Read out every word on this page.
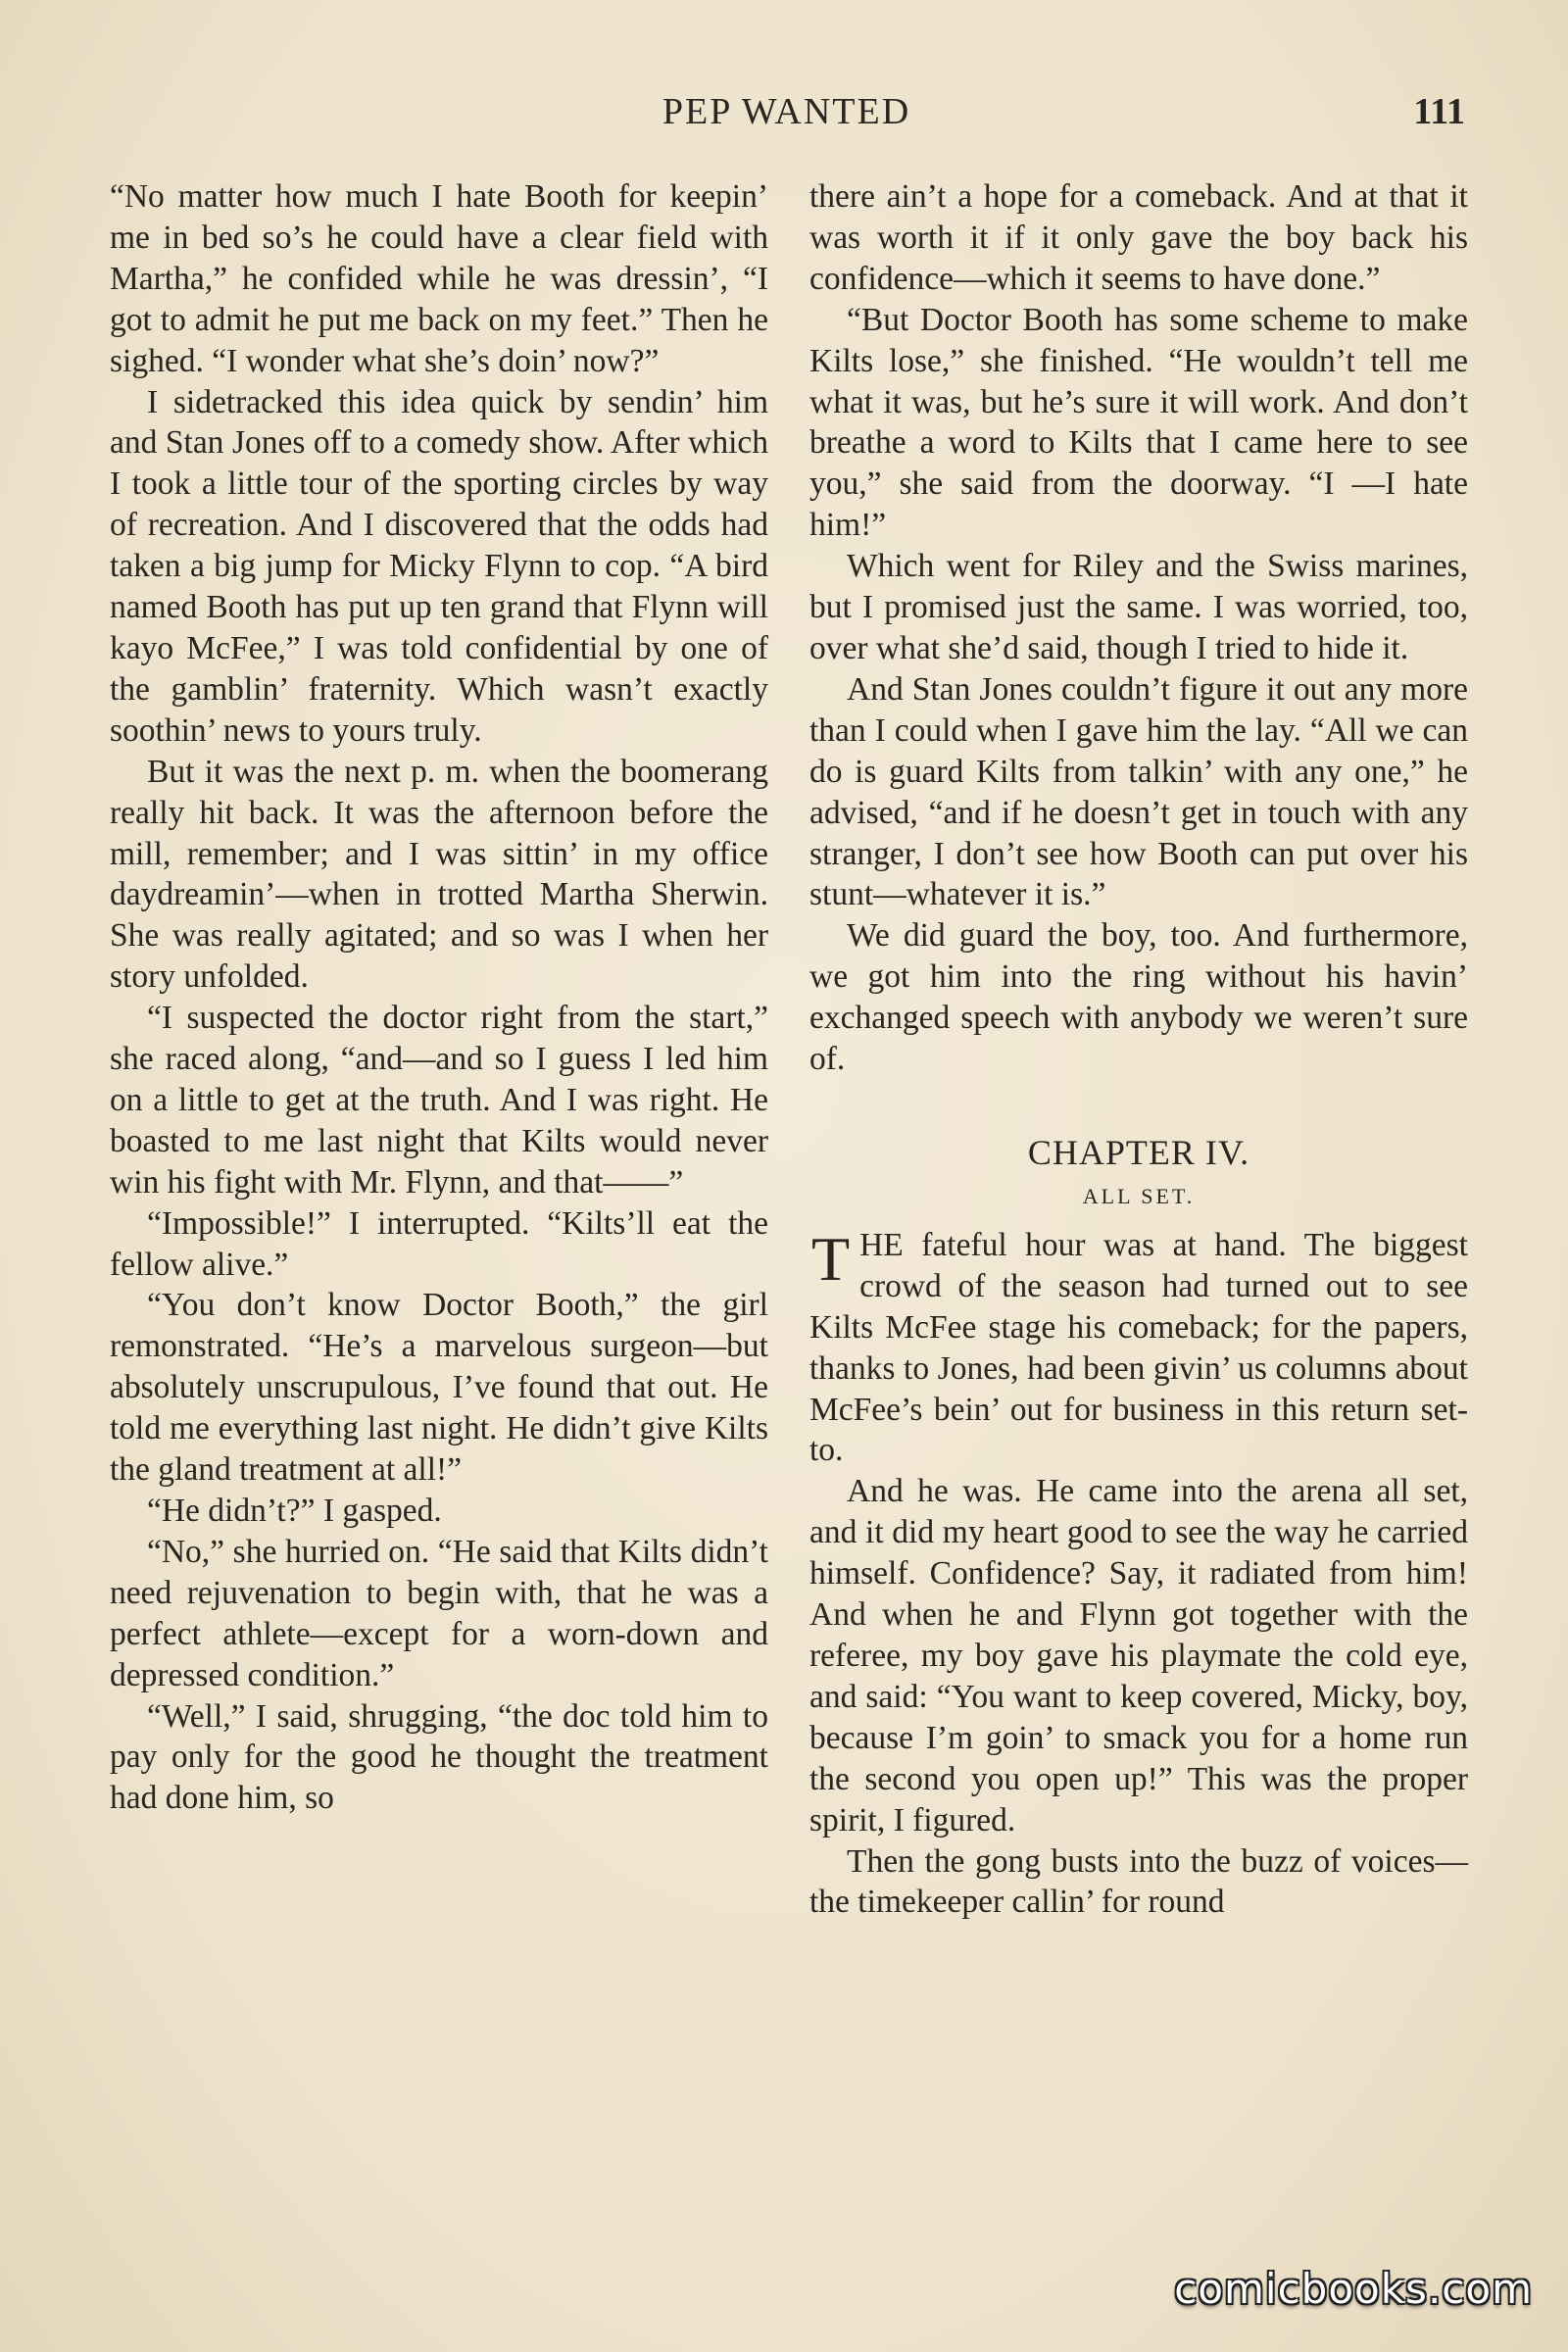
PEP WANTED	111

“No matter how much I hate Booth for keepin’ me in bed so’s he could have a clear field with Martha,” he confided while he was dressin’, “I got to admit he put me back on my feet.” Then he sighed. “I wonder what she’s doin’ now?”

I sidetracked this idea quick by sendin’ him and Stan Jones off to a comedy show. After which I took a little tour of the sporting circles by way of recreation. And I discovered that the odds had taken a big jump for Micky Flynn to cop. “A bird named Booth has put up ten grand that Flynn will kayo McFee,” I was told confidential by one of the gamblin’ fraternity. Which wasn’t exactly soothin’ news to yours truly.

But it was the next p. m. when the boomerang really hit back. It was the afternoon before the mill, remember; and I was sittin’ in my office daydreamin’—when in trotted Martha Sherwin. She was really agitated; and so was I when her story unfolded.

“I suspected the doctor right from the start,” she raced along, “and—and so I guess I led him on a little to get at the truth. And I was right. He boasted to me last night that Kilts would never win his fight with Mr. Flynn, and that——”

“Impossible!” I interrupted. “Kilts’ll eat the fellow alive.”

“You don’t know Doctor Booth,” the girl remonstrated. “He’s a marvelous surgeon—but absolutely unscrupulous, I’ve found that out. He told me everything last night. He didn’t give Kilts the gland treatment at all!”

“He didn’t?” I gasped.

“No,” she hurried on. “He said that Kilts didn’t need rejuvenation to begin with, that he was a perfect athlete—except for a worn-down and depressed condition.”

“Well,” I said, shrugging, “the doc told him to pay only for the good he thought the treatment had done him, so

there ain’t a hope for a comeback. And at that it was worth it if it only gave the boy back his confidence—which it seems to have done.”

“But Doctor Booth has some scheme to make Kilts lose,” she finished. “He wouldn’t tell me what it was, but he’s sure it will work. And don’t breathe a word to Kilts that I came here to see you,” she said from the doorway. “I —I hate him!”

Which went for Riley and the Swiss marines, but I promised just the same. I was worried, too, over what she’d said, though I tried to hide it.

And Stan Jones couldn’t figure it out any more than I could when I gave him the lay. “All we can do is guard Kilts from talkin’ with any one,” he advised, “and if he doesn’t get in touch with any stranger, I don’t see how Booth can put over his stunt—whatever it is.”

We did guard the boy, too. And furthermore, we got him into the ring without his havin’ exchanged speech with anybody we weren’t sure of.

CHAPTER IV.
ALL SET.

THE fateful hour was at hand. The biggest crowd of the season had turned out to see Kilts McFee stage his comeback; for the papers, thanks to Jones, had been givin’ us columns about McFee’s bein’ out for business in this return set-to.

And he was. He came into the arena all set, and it did my heart good to see the way he carried himself. Confidence? Say, it radiated from him! And when he and Flynn got together with the referee, my boy gave his playmate the cold eye, and said: “You want to keep covered, Micky, boy, because I’m goin’ to smack you for a home run the second you open up!” This was the proper spirit, I figured.

Then the gong busts into the buzz of voices—the timekeeper callin’ for round

comicbooks.com
